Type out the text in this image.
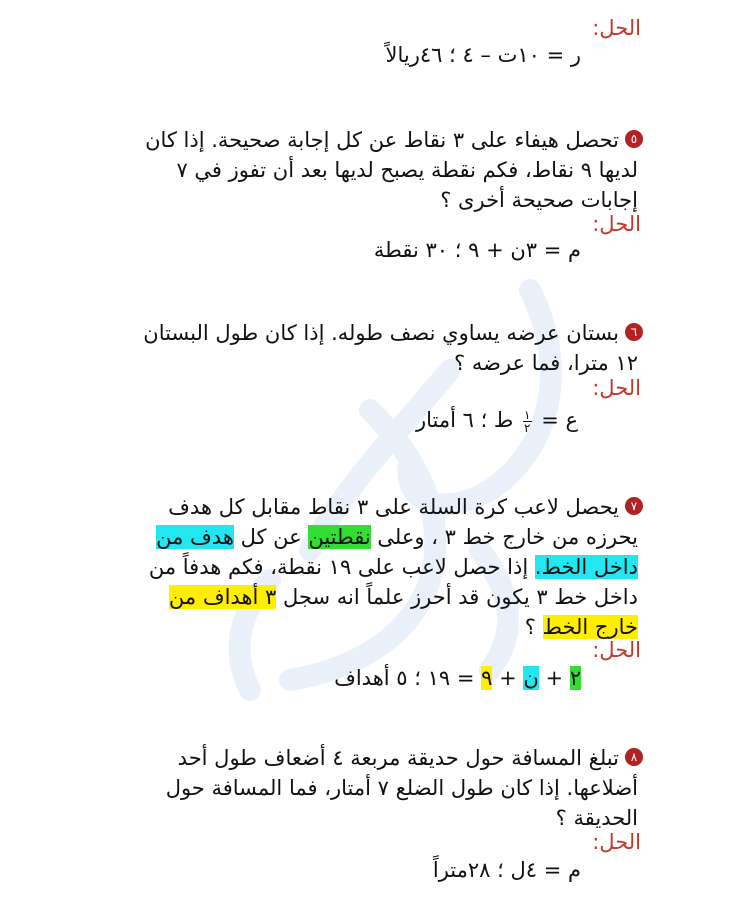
الحل:
ر = ١٠ت – ٤ ؛ ٤٦ريالاً
٥تحصل هيفاء على ٣ نقاط عن كل إجابة صحيحة. إذا كان
لديها ٩ نقاط، فكم نقطة يصبح لديها بعد أن تفوز في ٧
إجابات صحيحة أخرى ؟
الحل:
م = ٣ن + ٩ ؛ ٣٠ نقطة
٦بستان عرضه يساوي نصف طوله. إذا كان طول البستان
١٢ مترا، فما عرضه ؟
الحل:
ع =
$\frac{١}{٢}$
ط ؛ ٦ أمتار
٧يحصل لاعب كرة السلة على ٣ نقاط مقابل كل هدف
يحرزه من خارج خط ٣ ، وعلى نقطتين عن كل هدف من
داخل الخط. إذا حصل لاعب على ١٩ نقطة، فكم هدفاً من
داخل خط ٣ يكون قد أحرز علماً انه سجل ٣ أهداف من
خارج الخط ؟
الحل:
٢ + ن + ٩ = ١٩ ؛ ٥ أهداف
٨تبلغ المسافة حول حديقة مربعة ٤ أضعاف طول أحد
أضلاعها. إذا كان طول الضلع ٧ أمتار، فما المسافة حول
الحديقة ؟
الحل:
م = ٤ل ؛ ٢٨متراً
